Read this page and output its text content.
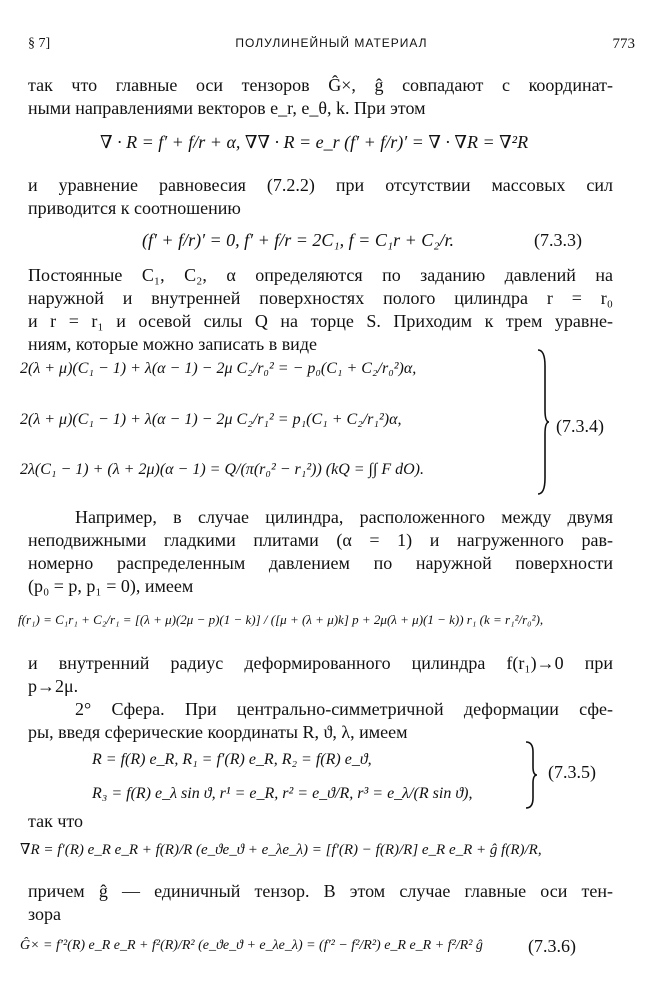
§ 7]	ПОЛУЛИНЕЙНЫЙ МАТЕРИАЛ	773
так что главные оси тензоров Ĝ×, ĝ совпадают с координат-
ными направлениями векторов e_r, e_θ, k. При этом
∇ · R = f′ + f/r + α, ∇∇ · R = e_r (f′ + f/r)′ = ∇ · ∇R = ∇²R
и уравнение равновесия (7.2.2) при отсутствии массовых сил
приводится к соотношению
(f′ + f/r)′ = 0, f′ + f/r = 2C₁, f = C₁r + C₂/r.	(7.3.3)
Постоянные C₁, C₂, α определяются по заданию давлений на
наружной и внутренней поверхностях полого цилиндра r = r₀
и r = r₁ и осевой силы Q на торце S. Приходим к трем уравне-
ниям, которые можно записать в виде
2(λ + μ)(C₁ − 1) + λ(α − 1) − 2μ C₂/r₀² = − p₀(C₁ + C₂/r₀²)α,
2(λ + μ)(C₁ − 1) + λ(α − 1) − 2μ C₂/r₁² = p₁(C₁ + C₂/r₁²)α,
2λ(C₁ − 1) + (λ + 2μ)(α − 1) = Q/(π(r₀² − r₁²)) (kQ = ∫∫ F dO).
(7.3.4)
Например, в случае цилиндра, расположенного между двумя
неподвижными гладкими плитами (α = 1) и нагруженного рав-
номерно распределенным давлением по наружной поверхности
(p₀ = p, p₁ = 0), имеем
f(r₁) = C₁r₁ + C₂/r₁ = [(λ + μ)(2μ − p)(1 − k)] / ([μ + (λ + μ)k] p + 2μ(λ + μ)(1 − k)) r₁ (k = r₁²/r₀²),
и внутренний радиус деформированного цилиндра f(r₁)→0 при
p→2μ.
2° Сфера. При центрально-симметричной деформации сфе-
ры, введя сферические координаты R, ϑ, λ, имеем
R = f(R) e_R, R₁ = f′(R) e_R, R₂ = f(R) e_ϑ,
R₃ = f(R) e_λ sin ϑ, r¹ = e_R, r² = e_ϑ/R, r³ = e_λ/(R sin ϑ),
(7.3.5)
так что
∇R = f′(R) e_R e_R + f(R)/R (e_ϑe_ϑ + e_λe_λ) = [f′(R) − f(R)/R] e_R e_R + ĝ f(R)/R,
причем ĝ — единичный тензор. В этом случае главные оси тен-
зора
Ĝ× = f′²(R) e_R e_R + f²(R)/R² (e_ϑe_ϑ + e_λe_λ) = (f′² − f²/R²) e_R e_R + f²/R² ĝ	(7.3.6)
